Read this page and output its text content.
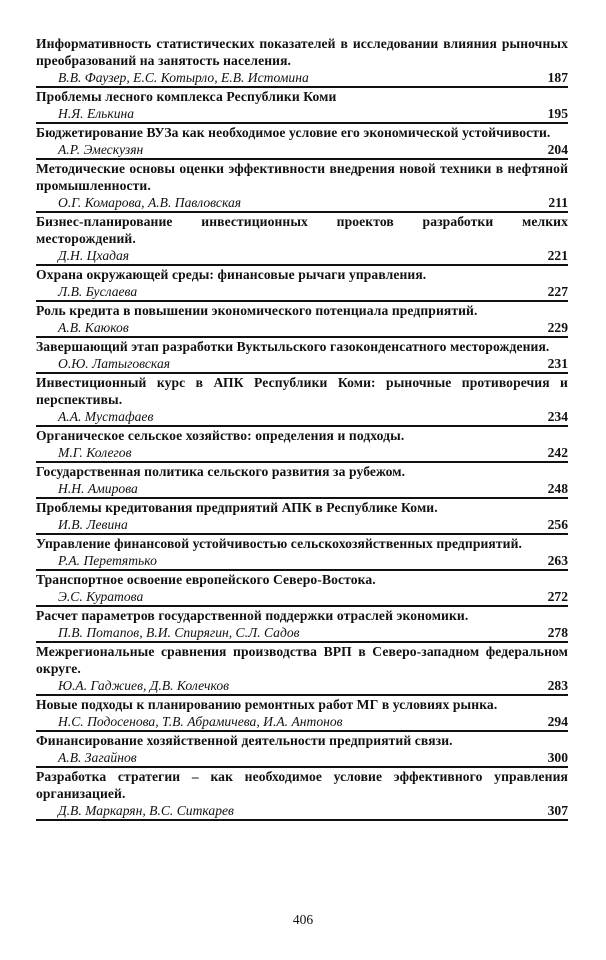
Информативность статистических показателей в исследовании влияния рыночных преобразований на занятость населения.
В.В. Фаузер, Е.С. Котырло, Е.В. Истомина	187
Проблемы лесного комплекса Республики Коми
Н.Я. Елькина	195
Бюджетирование ВУЗа как необходимое условие его экономической устойчивости.
А.Р. Эмескузян	204
Методические основы оценки эффективности внедрения новой техники в нефтяной промышленности.
О.Г. Комарова, А.В. Павловская	211
Бизнес-планирование инвестиционных проектов разработки мелких месторождений.
Д.Н. Цхадая	221
Охрана окружающей среды: финансовые рычаги управления.
Л.В. Буслаева	227
Роль кредита в повышении экономического потенциала предприятий.
А.В. Каюков	229
Завершающий этап разработки Вуктыльского газоконденсатного месторождения.
О.Ю. Латыговская	231
Инвестиционный курс в АПК Республики Коми: рыночные противоречия и перспективы.
А.А. Мустафаев	234
Органическое сельское хозяйство: определения и подходы.
М.Г. Колегов	242
Государственная политика сельского развития за рубежом.
Н.Н. Амирова	248
Проблемы кредитования предприятий АПК в Республике Коми.
И.В. Левина	256
Управление финансовой устойчивостью сельскохозяйственных предприятий.
Р.А. Перетятько	263
Транспортное освоение европейского Северо-Востока.
Э.С. Куратова	272
Расчет параметров государственной поддержки отраслей экономики.
П.В. Потапов, В.И. Спирягин, С.Л. Садов	278
Межрегиональные сравнения производства ВРП в Северо-западном федеральном округе.
Ю.А. Гаджиев, Д.В. Колечков	283
Новые подходы к планированию ремонтных работ МГ в условиях рынка.
Н.С. Подосенова, Т.В. Абрамичева, И.А. Антонов	294
Финансирование хозяйственной деятельности предприятий связи.
А.В. Загайнов	300
Разработка стратегии – как необходимое условие эффективного управления организацией.
Д.В. Маркарян, В.С. Ситкарев	307
406
